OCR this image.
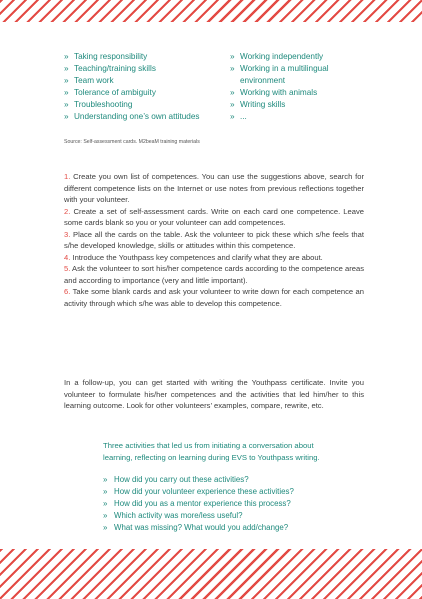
» Taking responsibility
» Teaching/training skills
» Team work
» Tolerance of ambiguity
» Troubleshooting
» Understanding one’s own attitudes
» Working independently
» Working in a multilingual
environment
» Working with animals
» Writing skills
» ...
Source: Self-assessment cards. M2beaM training materials

1. Create you own list of competences. You can use the suggestions above, search for different competence lists on the Internet or use notes from previous reflections together with your volunteer.

2. Create a set of self-assessment cards. Write on each card one competence. Leave some cards blank so you or your volunteer can add competences.

3. Place all the cards on the table. Ask the volunteer to pick these which s/he feels that s/he developed knowledge, skills or attitudes within this competence.

4. Introduce the Youthpass key competences and clarify what they are about.

5. Ask the volunteer to sort his/her competence cards according to the competence areas and according to importance (very and little important).

6. Take some blank cards and ask your volunteer to write down for each competence an activity through which s/he was able to develop this competence.

In a follow-up, you can get started with writing the Youthpass certificate. Invite you volunteer to formulate his/her competences and the activities that led him/her to this learning outcome. Look for other volunteers’ examples, compare, rewrite, etc.

Three activities that led us from initiating a conversation about learning, reflecting on learning during EVS to Youthpass writing.

» How did you carry out these activities?
» How did your volunteer experience these activities?
» How did you as a mentor experience this process?
» Which activity was more/less useful?
» What was missing? What would you add/change?
